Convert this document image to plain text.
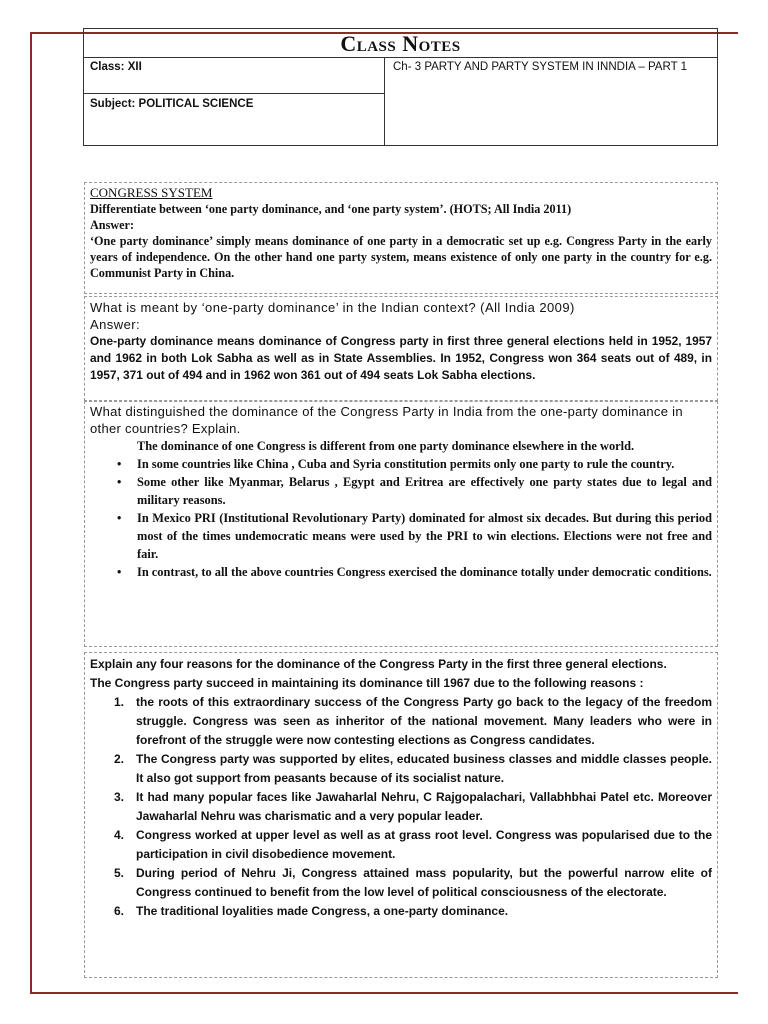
Class Notes
Class: XII
Subject: POLITICAL SCIENCE
Ch- 3 PARTY AND PARTY SYSTEM IN INNDIA – PART 1
CONGRESS SYSTEM

Differentiate between ‘one party dominance, and ‘one party system’. (HOTS; All India 2011)

Answer:

‘One party dominance’ simply means dominance of one party in a democratic set up e.g. Congress Party in the early years of independence. On the other hand one party system, means existence of only one party in the country for e.g. Communist Party in China.

What is meant by ‘one-party dominance’ in the Indian context? (All India 2009)
Answer:
One-party dominance means dominance of Congress party in first three general elections held in 1952, 1957 and 1962 in both Lok Sabha as well as in State Assemblies. In 1952, Congress won 364 seats out of 489, in 1957, 371 out of 494 and in 1962 won 361 out of 494 seats Lok Sabha elections.
What distinguished the dominance of the Congress Party in India from the one-party dominance in other countries? Explain.
The dominance of one Congress is different from one party dominance elsewhere in the world.
• In some countries like China , Cuba and Syria constitution permits only one party to rule the country.
• Some other like Myanmar, Belarus , Egypt and Eritrea are effectively one party states due to legal and military reasons.
• In Mexico PRI (Institutional Revolutionary Party) dominated for almost six decades. But during this period most of the times undemocratic means were used by the PRI to win elections. Elections were not free and fair.
• In contrast, to all the above countries Congress exercised the dominance totally under democratic conditions.
Explain any four reasons for the dominance of the Congress Party in the first three general elections.
The Congress party succeed in maintaining its dominance till 1967 due to the following reasons :
1. the roots of this extraordinary success of the Congress Party go back to the legacy of the freedom struggle. Congress was seen as inheritor of the national movement. Many leaders who were in forefront of the struggle were now contesting elections as Congress candidates.
2. The Congress party was supported by elites, educated business classes and middle classes people. It also got support from peasants because of its socialist nature.
3. It had many popular faces like Jawaharlal Nehru, C Rajgopalachari, Vallabhbhai Patel etc. Moreover Jawaharlal Nehru was charismatic and a very popular leader.
4. Congress worked at upper level as well as at grass root level. Congress was popularised due to the participation in civil disobedience movement.
5. During period of Nehru Ji, Congress attained mass popularity, but the powerful narrow elite of Congress continued to benefit from the low level of political consciousness of the electorate.
6. The traditional loyalities made Congress, a one-party dominance.
